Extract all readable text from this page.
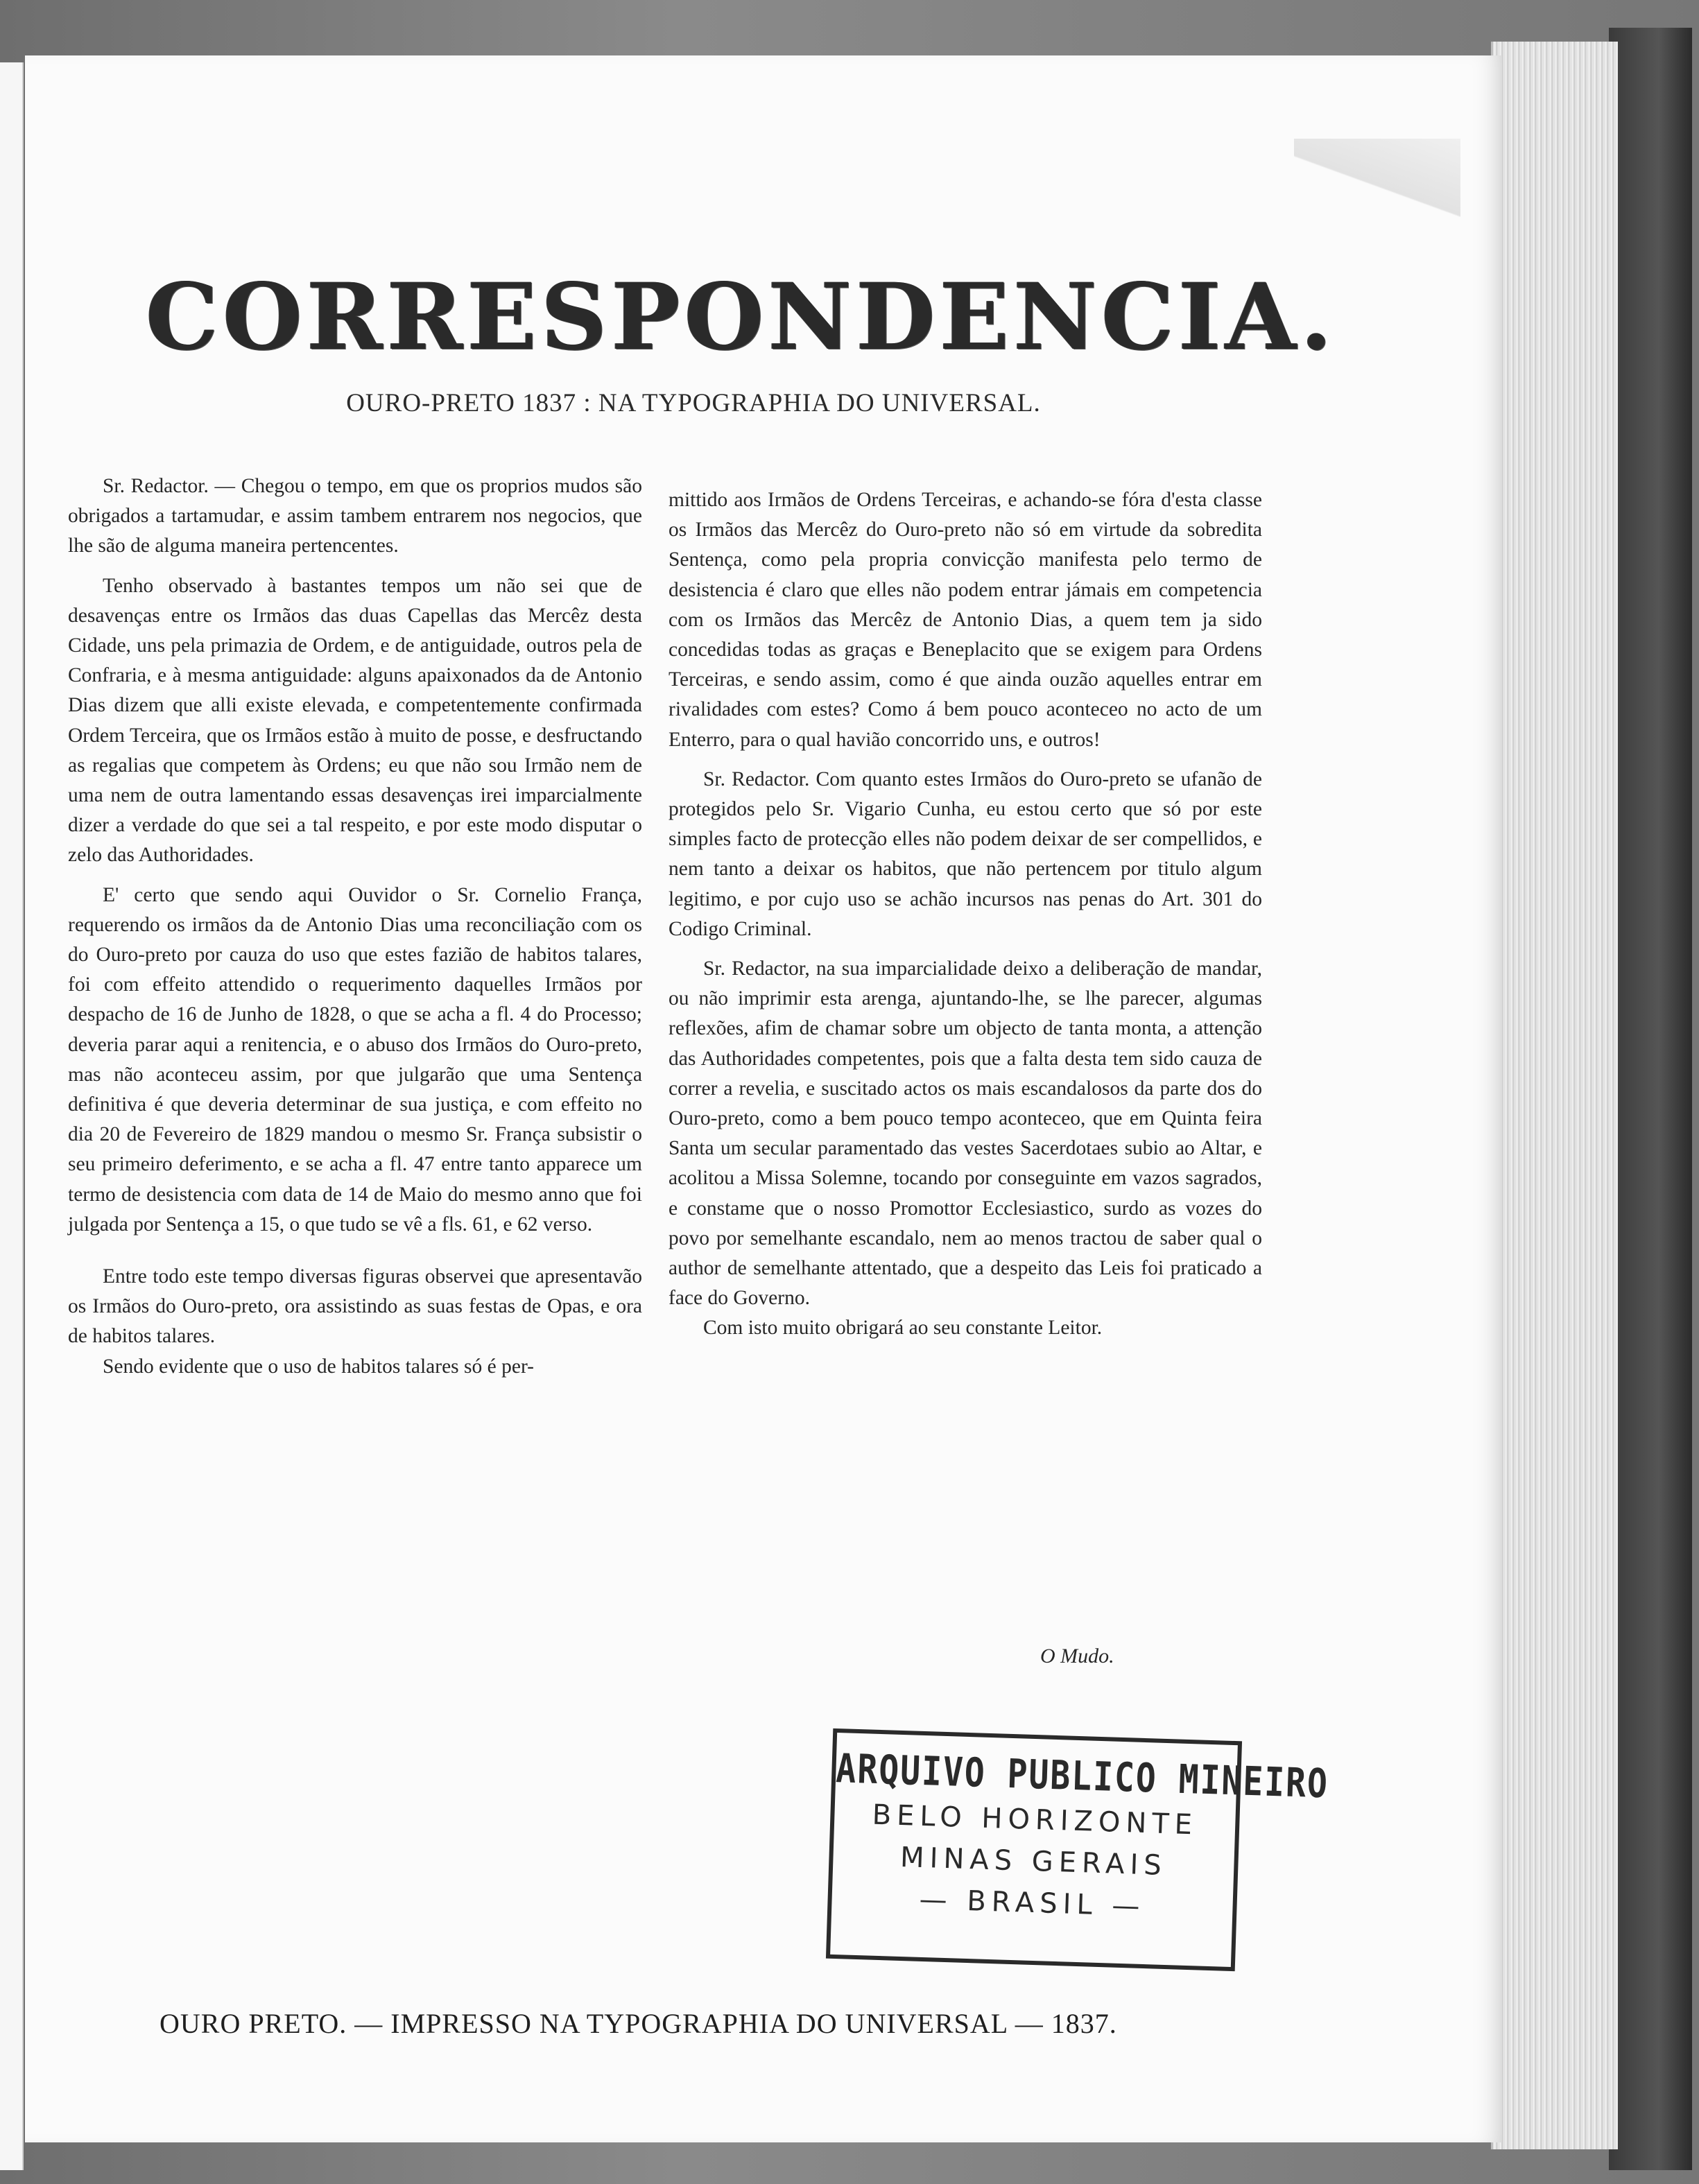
CORRESPONDENCIA.
OURO-PRETO 1837 : NA TYPOGRAPHIA DO UNIVERSAL.

Sr. Redactor. — Chegou o tempo, em que os proprios mudos são obrigados a tartamudar, e assim tambem entrarem nos negocios, que lhe são de alguma maneira pertencentes.

Tenho observado à bastantes tempos um não sei que de desavenças entre os Irmãos das duas Capellas das Mercêz desta Cidade, uns pela primazia de Ordem, e de antiguidade, outros pela de Confraria, e à mesma antiguidade: alguns apaixonados da de Antonio Dias dizem que alli existe elevada, e competentemente confirmada Ordem Terceira, que os Irmãos estão à muito de posse, e desfructando as regalias que competem às Ordens; eu que não sou Irmão nem de uma nem de outra lamentando essas desavenças irei imparcialmente dizer a verdade do que sei a tal respeito, e por este modo disputar o zelo das Authoridades.

E' certo que sendo aqui Ouvidor o Sr. Cornelio França, requerendo os irmãos da de Antonio Dias uma reconciliação com os do Ouro-preto por cauza do uso que estes fazião de habitos talares, foi com effeito attendido o requerimento daquelles Irmãos por despacho de 16 de Junho de 1828, o que se acha a fl. 4 do Processo; deveria parar aqui a renitencia, e o abuso dos Irmãos do Ouro-preto, mas não aconteceu assim, por que julgarão que uma Sentença definitiva é que deveria determinar de sua justiça, e com effeito no dia 20 de Fevereiro de 1829 mandou o mesmo Sr. França subsistir o seu primeiro deferimento, e se acha a fl. 47 entre tanto apparece um termo de desistencia com data de 14 de Maio do mesmo anno que foi julgada por Sentença a 15, o que tudo se vê a fls. 61, e 62 verso.

Entre todo este tempo diversas figuras observei que apresentavão os Irmãos do Ouro-preto, ora assistindo as suas festas de Opas, e ora de habitos talares.

Sendo evidente que o uso de habitos talares só é per-

mittido aos Irmãos de Ordens Terceiras, e achando-se fóra d'esta classe os Irmãos das Mercêz do Ouro-preto não só em virtude da sobredita Sentença, como pela propria convicção manifesta pelo termo de desistencia é claro que elles não podem entrar jámais em competencia com os Irmãos das Mercêz de Antonio Dias, a quem tem ja sido concedidas todas as graças e Beneplacito que se exigem para Ordens Terceiras, e sendo assim, como é que ainda ouzão aquelles entrar em rivalidades com estes? Como á bem pouco aconteceo no acto de um Enterro, para o qual havião concorrido uns, e outros!

Sr. Redactor. Com quanto estes Irmãos do Ouro-preto se ufanão de protegidos pelo Sr. Vigario Cunha, eu estou certo que só por este simples facto de protecção elles não podem deixar de ser compellidos, e nem tanto a deixar os habitos, que não pertencem por titulo algum legitimo, e por cujo uso se achão incursos nas penas do Art. 301 do Codigo Criminal.

Sr. Redactor, na sua imparcialidade deixo a deliberação de mandar, ou não imprimir esta arenga, ajuntando-lhe, se lhe parecer, algumas reflexões, afim de chamar sobre um objecto de tanta monta, a attenção das Authoridades competentes, pois que a falta desta tem sido cauza de correr a revelia, e suscitado actos os mais escandalosos da parte dos do Ouro-preto, como a bem pouco tempo aconteceo, que em Quinta feira Santa um secular paramentado das vestes Sacerdotaes subio ao Altar, e acolitou a Missa Solemne, tocando por conseguinte em vazos sagrados, e constame que o nosso Promottor Ecclesiastico, surdo as vozes do povo por semelhante escandalo, nem ao menos tractou de saber qual o author de semelhante attentado, que a despeito das Leis foi praticado a face do Governo.

Com isto muito obrigará ao seu constante Leitor.

O Mudo.
ARQUIVO PUBLICO MINEIRO
BELO HORIZONTE
MINAS GERAIS
— BRASIL —
OURO PRETO. — IMPRESSO NA TYPOGRAPHIA DO UNIVERSAL — 1837.
